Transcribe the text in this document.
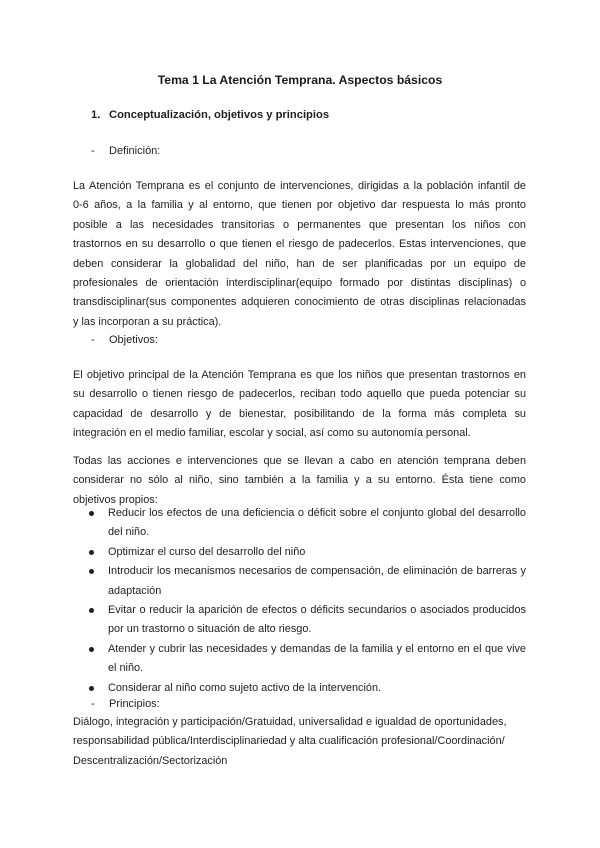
Tema 1 La Atención Temprana. Aspectos básicos
1. Conceptualización, objetivos y principios
- Definición:
La Atención Temprana es el conjunto de intervenciones, dirigidas a la población infantil de
0-6 años, a la familia y al entorno, que tienen por objetivo dar respuesta lo más pronto
posible a las necesidades transitorias o permanentes que presentan los niños con
trastornos en su desarrollo o que tienen el riesgo de padecerlos. Estas intervenciones, que
deben considerar la globalidad del niño, han de ser planificadas por un equipo de
profesionales de orientación interdisciplinar(equipo formado por distintas disciplinas) o
transdisciplinar(sus componentes adquieren conocimiento de otras disciplinas relacionadas
y las incorporan a su práctica).
- Objetivos:
El objetivo principal de la Atención Temprana es que los niños que presentan trastornos en
su desarrollo o tienen riesgo de padecerlos, reciban todo aquello que pueda potenciar su
capacidad de desarrollo y de bienestar, posibilitando de la forma más completa su
integración en el medio familiar, escolar y social, así como su autonomía personal.
Todas las acciones e intervenciones que se llevan a cabo en atención temprana deben
considerar no sólo al niño, sino también a la familia y a su entorno. Ésta tiene como
objetivos propios:
Reducir los efectos de una deficiencia o déficit sobre el conjunto global del desarrollo del niño.
Optimizar el curso del desarrollo del niño
Introducir los mecanismos necesarios de compensación, de eliminación de barreras y adaptación
Evitar o reducir la aparición de efectos o déficits secundarios o asociados producidos por un trastorno o situación de alto riesgo.
Atender y cubrir las necesidades y demandas de la familia y el entorno en el que vive el niño.
Considerar al niño como sujeto activo de la intervención.
- Principios:
Diálogo, integración y participación/Gratuidad, universalidad e igualdad de oportunidades,
responsabilidad pública/Interdisciplinariedad y alta cualificación profesional/Coordinación/
Descentralización/Sectorización
